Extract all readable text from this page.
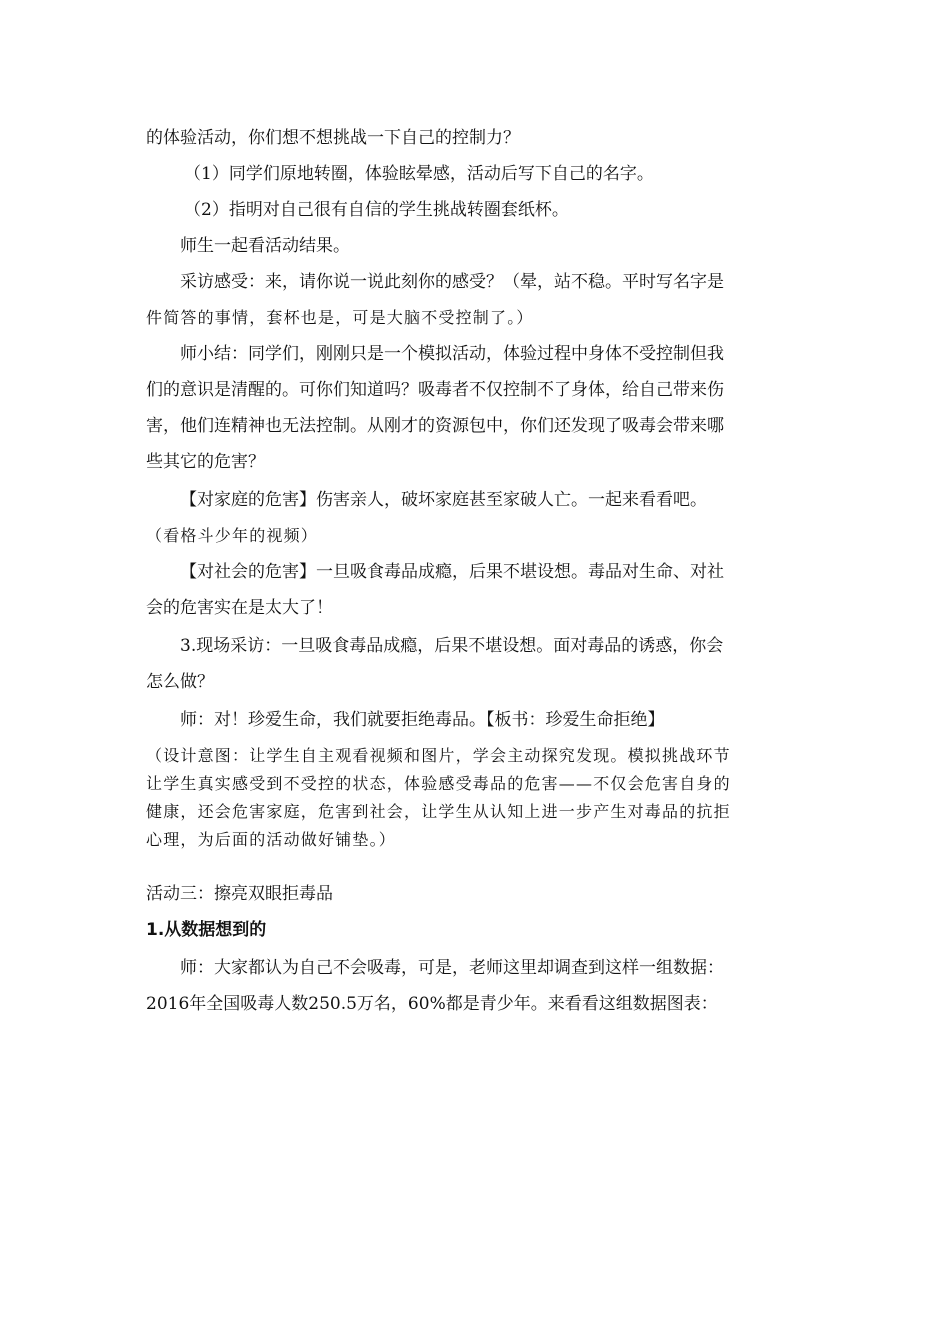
的体验活动，你们想不想挑战一下自己的控制力？
（1）同学们原地转圈，体验眩晕感，活动后写下自己的名字。
（2）指明对自己很有自信的学生挑战转圈套纸杯。
师生一起看活动结果。
采访感受：来，请你说一说此刻你的感受？（晕，站不稳。平时写名字是
件简答的事情，套杯也是，可是大脑不受控制了。）
师小结：同学们，刚刚只是一个模拟活动，体验过程中身体不受控制但我
们的意识是清醒的。可你们知道吗？吸毒者不仅控制不了身体，给自己带来伤
害，他们连精神也无法控制。从刚才的资源包中，你们还发现了吸毒会带来哪
些其它的危害？
【对家庭的危害】伤害亲人，破坏家庭甚至家破人亡。一起来看看吧。
（看格斗少年的视频）
【对社会的危害】一旦吸食毒品成瘾，后果不堪设想。毒品对生命、对社
会的危害实在是太大了！
3.现场采访：一旦吸食毒品成瘾，后果不堪设想。面对毒品的诱惑，你会
怎么做？
师：对！珍爱生命，我们就要拒绝毒品。【板书：珍爱生命拒绝】
（设计意图：让学生自主观看视频和图片，学会主动探究发现。模拟挑战环节
让学生真实感受到不受控的状态，体验感受毒品的危害——不仅会危害自身的
健康，还会危害家庭，危害到社会，让学生从认知上进一步产生对毒品的抗拒
心理，为后面的活动做好铺垫。）
活动三：擦亮双眼拒毒品
1.从数据想到的
师：大家都认为自己不会吸毒，可是，老师这里却调查到这样一组数据：
2016年全国吸毒人数250.5万名，60%都是青少年。来看看这组数据图表：
